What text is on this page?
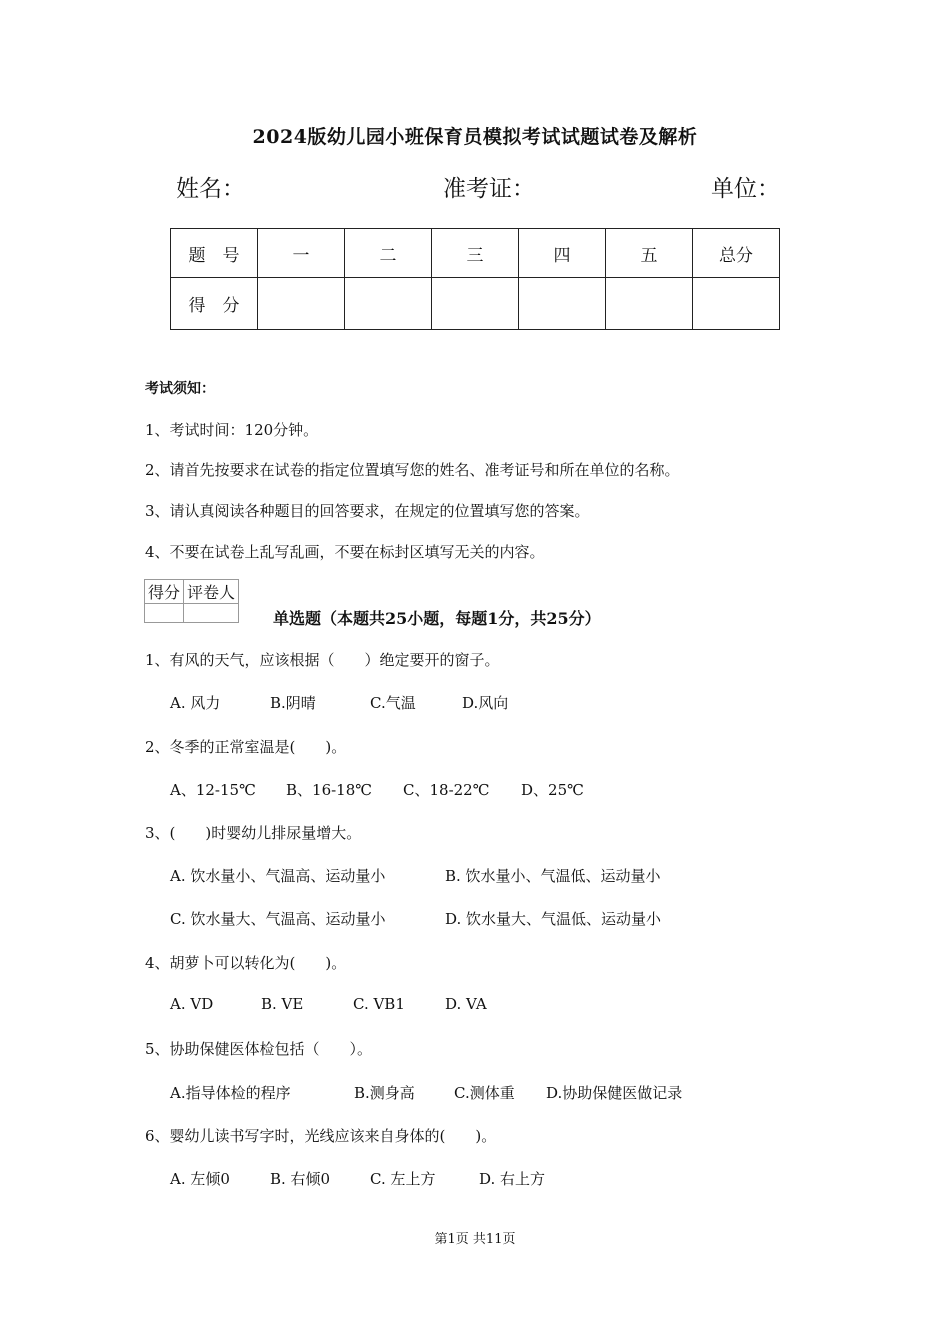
2024版幼儿园小班保育员模拟考试试题试卷及解析
姓名：	准考证：	单位：
题　号	一	二	三	四	五	总分
得　分						
考试须知：
1、考试时间：120分钟。
2、请首先按要求在试卷的指定位置填写您的姓名、准考证号和所在单位的名称。
3、请认真阅读各种题目的回答要求，在规定的位置填写您的答案。
4、不要在试卷上乱写乱画，不要在标封区填写无关的内容。
得分	评卷人

单选题（本题共25小题，每题1分，共25分）
1、有风的天气，应该根据（　　）绝定要开的窗子。
A. 风力	B.阴晴	C.气温	D.风向
2、冬季的正常室温是(　　)。
A、12-15℃ B、16-18℃ C、18-22℃ D、25℃
3、(　　)时婴幼儿排尿量增大。
A. 饮水量小、气温高、运动量小	B. 饮水量小、气温低、运动量小
C. 饮水量大、气温高、运动量小	D. 饮水量大、气温低、运动量小
4、胡萝卜可以转化为(　　)。
A. VD	B. VE	C. VB1	D. VA
5、协助保健医体检包括（　　）。
A.指导体检的程序	B.测身高	C.测体重 D.协助保健医做记录
6、婴幼儿读书写字时，光线应该来自身体的(　　)。
A. 左倾0	B. 右倾0	C. 左上方	D. 右上方
第1页 共11页
